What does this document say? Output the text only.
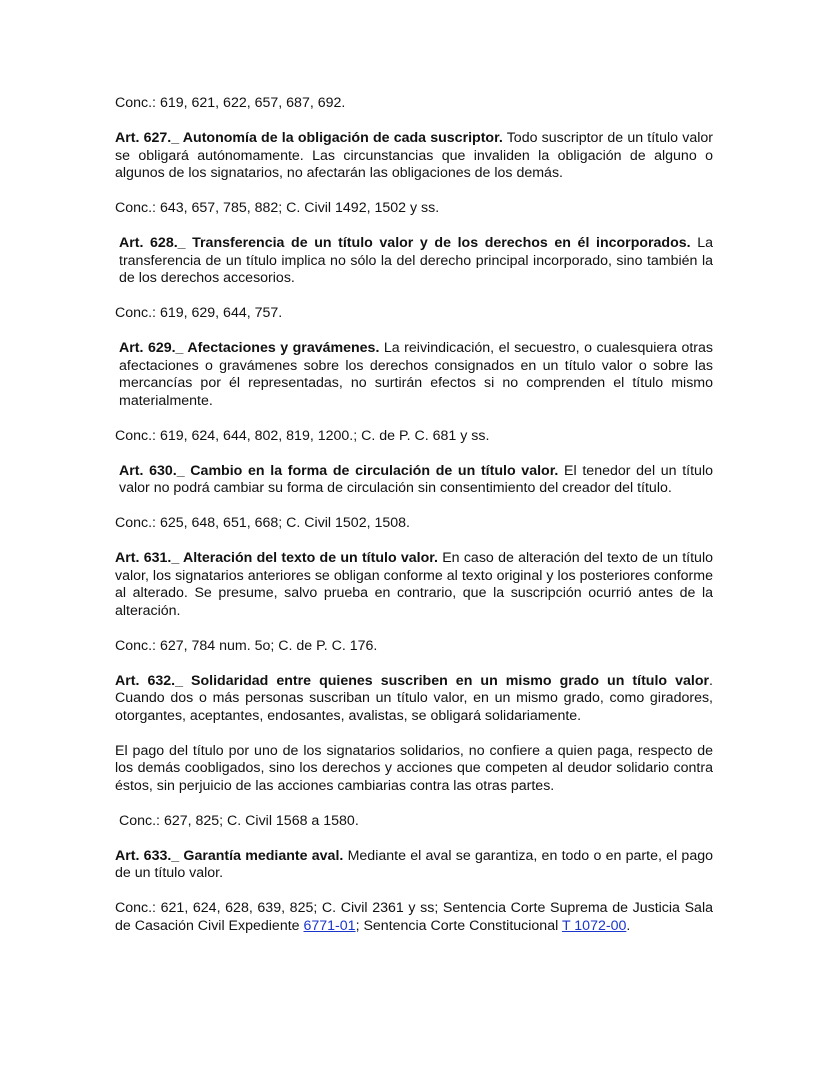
Conc.: 619, 621, 622, 657, 687, 692.

Art. 627._ Autonomía de la obligación de cada suscriptor. Todo suscriptor de un título valor se obligará autónomamente. Las circunstancias que invaliden la obligación de alguno o algunos de los signatarios, no afectarán las obligaciones de los demás.

Conc.: 643, 657, 785, 882; C. Civil 1492, 1502 y ss.

Art. 628._ Transferencia de un título valor y de los derechos en él incorporados. La transferencia de un título implica no sólo la del derecho principal incorporado, sino también la de los derechos accesorios.

Conc.: 619, 629, 644, 757.

Art. 629._ Afectaciones y gravámenes. La reivindicación, el secuestro, o cualesquiera otras afectaciones o gravámenes sobre los derechos consignados en un título valor o sobre las mercancías por él representadas, no surtirán efectos si no comprenden el título mismo materialmente.

Conc.: 619, 624, 644, 802, 819, 1200.; C. de P. C. 681 y ss.

Art. 630._ Cambio en la forma de circulación de un título valor. El tenedor del un título valor no podrá cambiar su forma de circulación sin consentimiento del creador del título.

Conc.: 625, 648, 651, 668; C. Civil 1502, 1508.

Art. 631._ Alteración del texto de un título valor. En caso de alteración del texto de un título valor, los signatarios anteriores se obligan conforme al texto original y los posteriores conforme al alterado. Se presume, salvo prueba en contrario, que la suscripción ocurrió antes de la alteración.

Conc.: 627, 784 num. 5o; C. de P. C. 176.

Art. 632._ Solidaridad entre quienes suscriben en un mismo grado un título valor. Cuando dos o más personas suscriban un título valor, en un mismo grado, como giradores, otorgantes, aceptantes, endosantes, avalistas, se obligará solidariamente.

El pago del título por uno de los signatarios solidarios, no confiere a quien paga, respecto de los demás coobligados, sino los derechos y acciones que competen al deudor solidario contra éstos, sin perjuicio de las acciones cambiarias contra las otras partes.

Conc.: 627, 825; C. Civil 1568 a 1580.

Art. 633._ Garantía mediante aval. Mediante el aval se garantiza, en todo o en parte, el pago de un título valor.

Conc.: 621, 624, 628, 639, 825; C. Civil 2361 y ss; Sentencia Corte Suprema de Justicia Sala de Casación Civil Expediente 6771-01; Sentencia Corte Constitucional T 1072-00.
